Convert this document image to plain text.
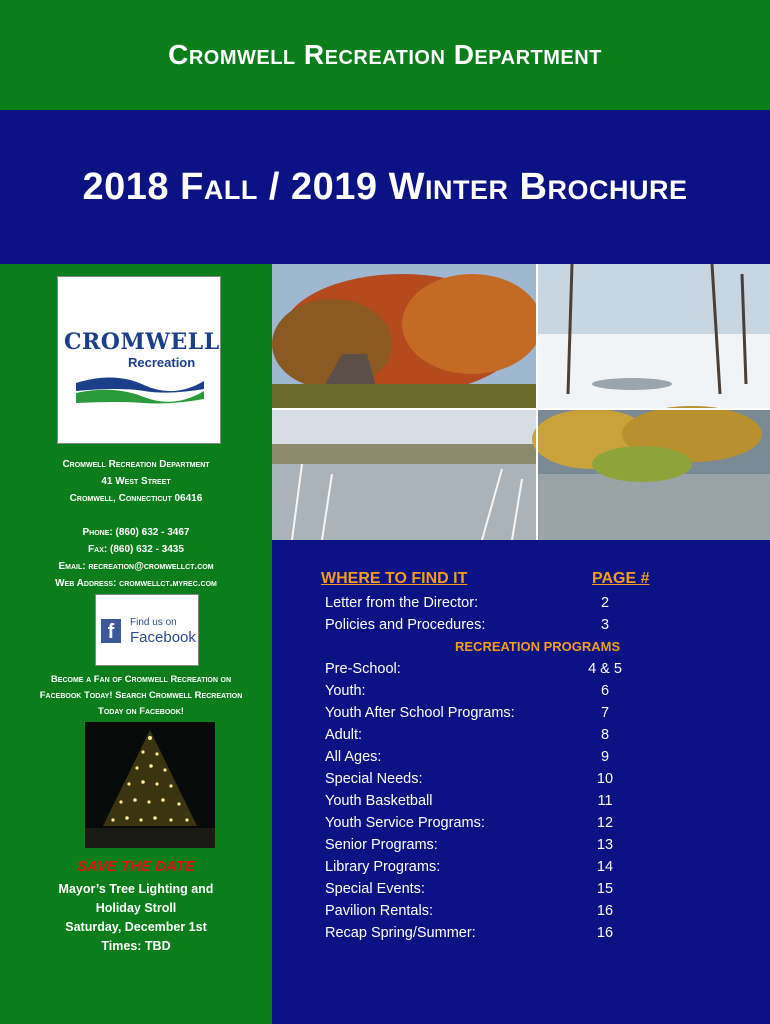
Cromwell Recreation Department
2018 Fall / 2019 Winter Brochure
CROMWELL
Recreation
Cromwell Recreation Department
41 West Street
Cromwell, Connecticut 06416
Phone: (860) 632 - 3467
Fax: (860) 632 - 3435
Email: recreation@cromwellct.com
Web Address: cromwellct.myrec.com
f	Find us on
Facebook
Become a Fan of Cromwell Recreation on Facebook Today! Search Cromwell Recreation Today on Facebook!
SAVE THE DATE
Mayor’s Tree Lighting and
Holiday Stroll
Saturday, December 1st
Times: TBD
WHERE TO FIND IT	PAGE #
Letter from the Director:	2
Policies and Procedures:	3
RECREATION PROGRAMS
Pre-School:	4 & 5
Youth:	6
Youth After School Programs:	7
Adult:	8
All Ages:	9
Special Needs:	10
Youth Basketball	11
Youth Service Programs:	12
Senior Programs:	13
Library Programs:	14
Special Events:	15
Pavilion Rentals:	16
Recap Spring/Summer:	16
